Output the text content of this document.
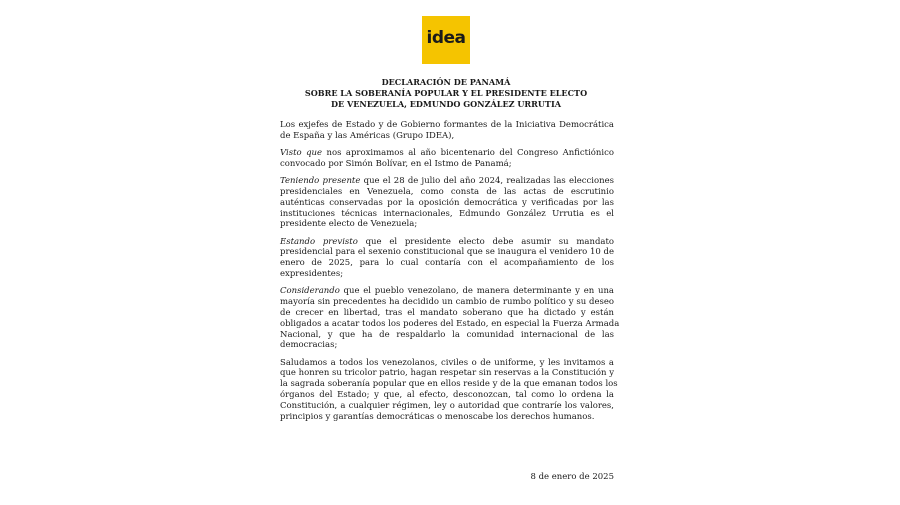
idea
DECLARACIÓN DE PANAMÁ
SOBRE LA SOBERANÍA POPULAR Y EL PRESIDENTE ELECTO
DE VENEZUELA, EDMUNDO GONZÁLEZ URRUTIA
Los exjefes de Estado y de Gobierno formantes de la Iniciativa Democrática
de España y las Américas (Grupo IDEA),
Visto que nos aproximamos al año bicentenario del Congreso Anfictiónico
convocado por Simón Bolívar, en el Istmo de Panamá;
Teniendo presente que el 28 de julio del año 2024, realizadas las elecciones
presidenciales en Venezuela, como consta de las actas de escrutinio
auténticas conservadas por la oposición democrática y verificadas por las
instituciones técnicas internacionales, Edmundo González Urrutia es el
presidente electo de Venezuela;
Estando previsto que el presidente electo debe asumir su mandato
presidencial para el sexenio constitucional que se inaugura el venidero 10 de
enero de 2025, para lo cual contaría con el acompañamiento de los
expresidentes;
Considerando que el pueblo venezolano, de manera determinante y en una
mayoría sin precedentes ha decidido un cambio de rumbo político y su deseo
de crecer en libertad, tras el mandato soberano que ha dictado y están
obligados a acatar todos los poderes del Estado, en especial la Fuerza Armada
Nacional, y que ha de respaldarlo la comunidad internacional de las
democracias;
Saludamos a todos los venezolanos, civiles o de uniforme, y les invitamos a
que honren su tricolor patrio, hagan respetar sin reservas a la Constitución y
la sagrada soberanía popular que en ellos reside y de la que emanan todos los
órganos del Estado; y que, al efecto, desconozcan, tal como lo ordena la
Constitución, a cualquier régimen, ley o autoridad que contraríe los valores,
principios y garantías democráticas o menoscabe los derechos humanos.
8 de enero de 2025
